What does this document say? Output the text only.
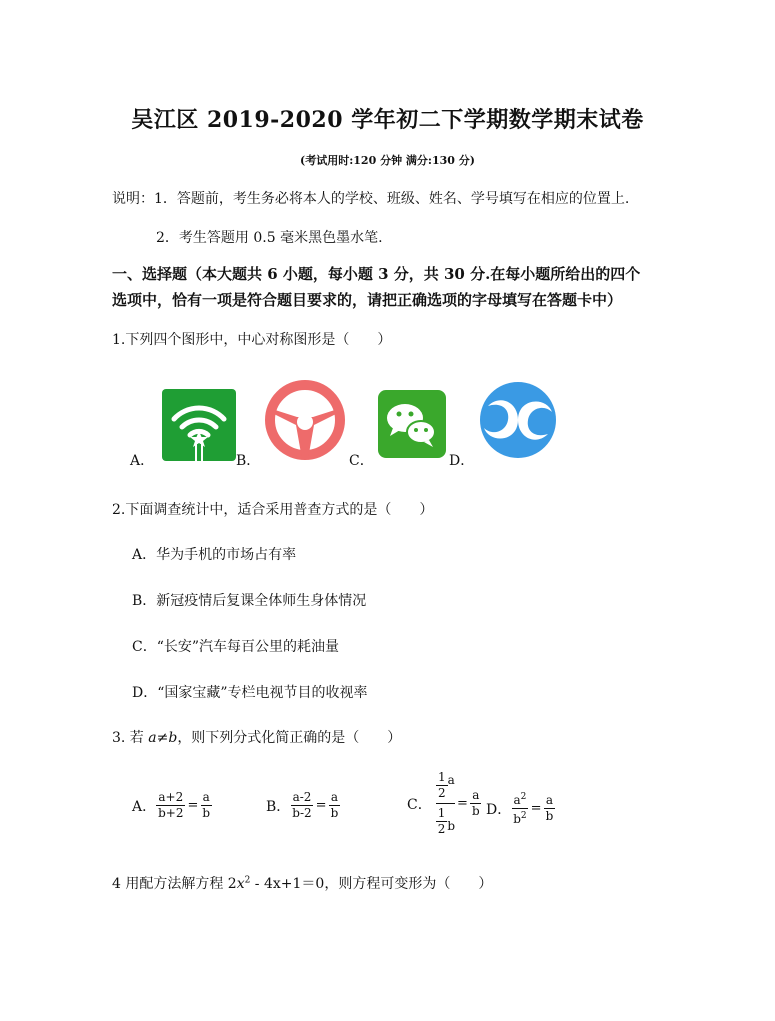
吴江区 2019-2020 学年初二下学期数学期末试卷
(考试用时:120 分钟 满分:130 分)
说明：1．答题前，考生务必将本人的学校、班级、姓名、学号填写在相应的位置上.
2．考生答题用 0.5 毫米黑色墨水笔.
一、选择题（本大题共 6 小题，每小题 3 分，共 30 分.在每小题所给出的四个
选项中，恰有一项是符合题目要求的，请把正确选项的字母填写在答题卡中）
1.下列四个图形中，中心对称图形是（　　）
A．	B．	C．	D．
2.下面调查统计中，适合采用普查方式的是（　　）
A．华为手机的市场占有率
B．新冠疫情后复课全体师生身体情况
C．“长安”汽车每百公里的耗油量
D．“国家宝藏”专栏电视节目的收视率
3. 若 a≠b，则下列分式化简正确的是（　　）
A． $\frac{a+2}{b+2} = \frac{a}{b}$	B． $\frac{a-2}{b-2} = \frac{a}{b}$	C． $\frac{\frac{1}{2} a}{\frac{1}{2} b} = \frac{a}{b}$ D． $\frac{a^2}{b^2} = \frac{a}{b}$
4 用配方法解方程 $2x^2 - 4x+1=0$，则方程可变形为（　　）
